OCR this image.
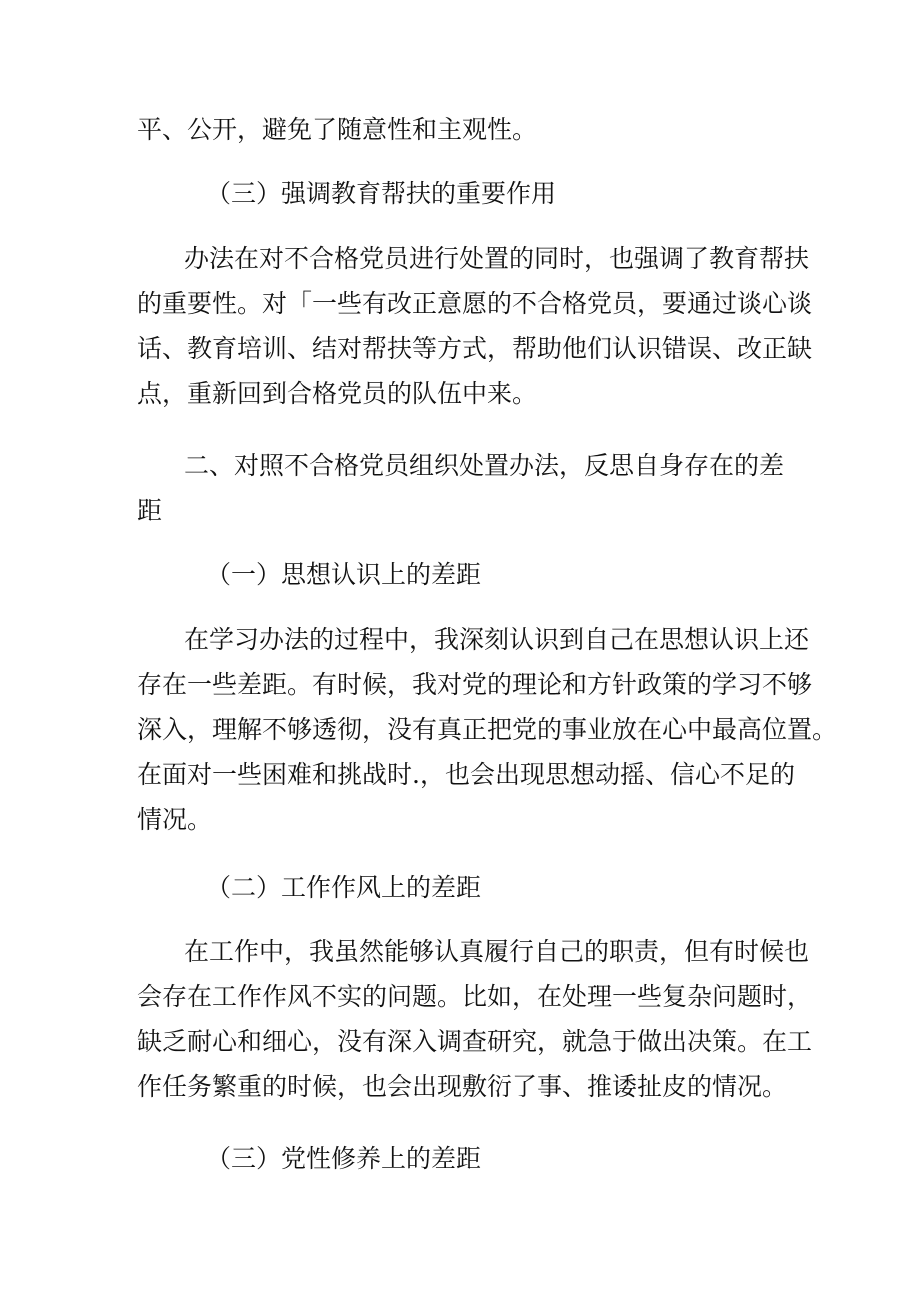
平、公开，避免了随意性和主观性。

（三）强调教育帮扶的重要作用

办法在对不合格党员进行处置的同时，也强调了教育帮扶

的重要性。对「一些有改正意愿的不合格党员，要通过谈心谈

话、教育培训、结对帮扶等方式，帮助他们认识错误、改正缺

点，重新回到合格党员的队伍中来。

二、对照不合格党员组织处置办法，反思自身存在的差

距

（一）思想认识上的差距

在学习办法的过程中，我深刻认识到自己在思想认识上还

存在一些差距。有时候，我对党的理论和方针政策的学习不够

深入，理解不够透彻，没有真正把党的事业放在心中最高位置。

在面对一些困难和挑战时.，也会出现思想动摇、信心不足的

情况。

（二）工作作风上的差距

在工作中，我虽然能够认真履行自己的职责，但有时候也

会存在工作作风不实的问题。比如，在处理一些复杂问题时，

缺乏耐心和细心，没有深入调查研究，就急于做出决策。在工

作任务繁重的时候，也会出现敷衍了事、推诿扯皮的情况。

（三）党性修养上的差距
